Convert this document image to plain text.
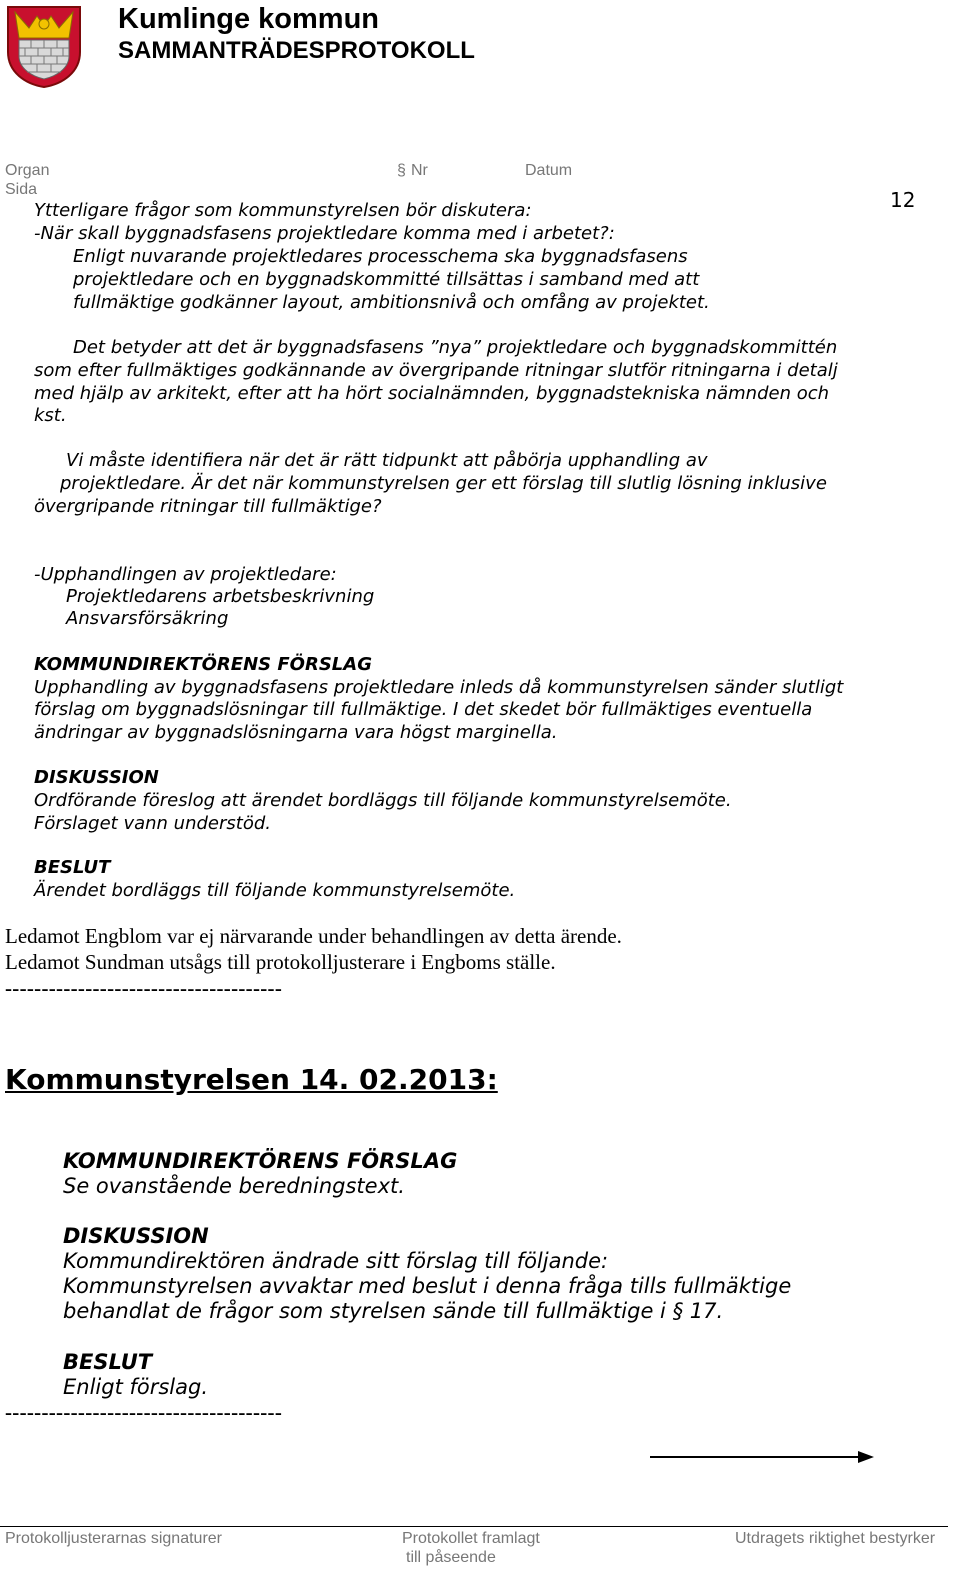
Kumlinge kommun
SAMMANTRÄDESPROTOKOLL
Organ	§ Nr	Datum
Sida	12
Ytterligare frågor som kommunstyrelsen bör diskutera:
-När skall byggnadsfasens projektledare komma med i arbetet?:
Enligt nuvarande projektledares processchema ska byggnadsfasens
projektledare och en byggnadskommitté tillsättas i samband med att
fullmäktige godkänner layout, ambitionsnivå och omfång av projektet.
Det betyder att det är byggnadsfasens ”nya” projektledare och byggnadskommittén
som efter fullmäktiges godkännande av övergripande ritningar slutför ritningarna i detalj
med hjälp av arkitekt, efter att ha hört socialnämnden, byggnadstekniska nämnden och
kst.
Vi måste identifiera när det är rätt tidpunkt att påbörja upphandling av
projektledare. Är det när kommunstyrelsen ger ett förslag till slutlig lösning inklusive
övergripande ritningar till fullmäktige?
-Upphandlingen av projektledare:
Projektledarens arbetsbeskrivning
Ansvarsförsäkring
KOMMUNDIREKTÖRENS FÖRSLAG
Upphandling av byggnadsfasens projektledare inleds då kommunstyrelsen sänder slutligt
förslag om byggnadslösningar till fullmäktige. I det skedet bör fullmäktiges eventuella
ändringar av byggnadslösningarna vara högst marginella.
DISKUSSION
Ordförande föreslog att ärendet bordläggs till följande kommunstyrelsemöte.
Förslaget vann understöd.
BESLUT
Ärendet bordläggs till följande kommunstyrelsemöte.
Ledamot Engblom var ej närvarande under behandlingen av detta ärende.
Ledamot Sundman utsågs till protokolljusterare i Engboms ställe.
--------------------------------------
Kommunstyrelsen 14. 02.2013:
KOMMUNDIREKTÖRENS FÖRSLAG
Se ovanstående beredningstext.
DISKUSSION
Kommundirektören ändrade sitt förslag till följande:
Kommunstyrelsen avvaktar med beslut i denna fråga tills fullmäktige
behandlat de frågor som styrelsen sände till fullmäktige i § 17.
BESLUT
Enligt förslag.
--------------------------------------
Protokolljusterarnas signaturer	Protokollet framlagt
till påseende
Utdragets riktighet bestyrker
